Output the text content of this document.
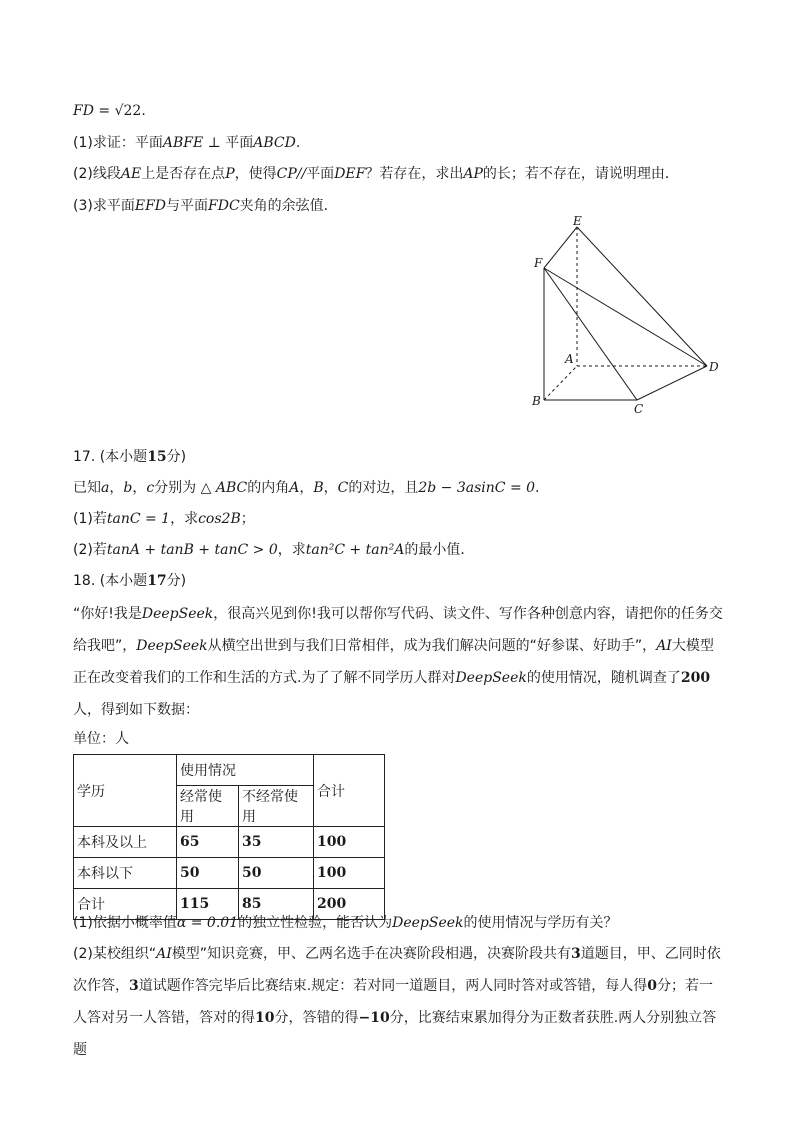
FD = √22.
(1)求证：平面ABFE ⊥ 平面ABCD.
(2)线段AE上是否存在点P，使得CP//平面DEF？若存在，求出AP的长；若不存在，请说明理由．
(3)求平面EFD与平面FDC夹角的余弦值．
E
F
A
B
C
D
17. (本小题15分)
已知a，b，c分别为 △ ABC的内角A，B，C的对边，且2b − 3asinC = 0.
(1)若tanC = 1，求cos2B；
(2)若tanA + tanB + tanC > 0，求tan²C + tan²A的最小值．
18. (本小题17分)
“你好!我是DeepSeek，很高兴见到你!我可以帮你写代码、读文件、写作各种创意内容，请把你的任务交给我吧”，DeepSeek从横空出世到与我们日常相伴，成为我们解决问题的“好参谋、好助手”，AI大模型正在改变着我们的工作和生活的方式.为了了解不同学历人群对DeepSeek的使用情况，随机调查了200人，得到如下数据：
单位：人
学历	使用情况		合计
	经常使用	不经常使用	
本科及以上	65	35	100
本科以下	50	50	100
合计	115	85	200
(1)依据小概率值α = 0.01的独立性检验，能否认为DeepSeek的使用情况与学历有关？
(2)某校组织“AI模型”知识竞赛，甲、乙两名选手在决赛阶段相遇，决赛阶段共有3道题目，甲、乙同时依次作答，3道试题作答完毕后比赛结束.规定：若对同一道题目，两人同时答对或答错，每人得0分；若一人答对另一人答错，答对的得10分，答错的得−10分，比赛结束累加得分为正数者获胜.两人分别独立答题
